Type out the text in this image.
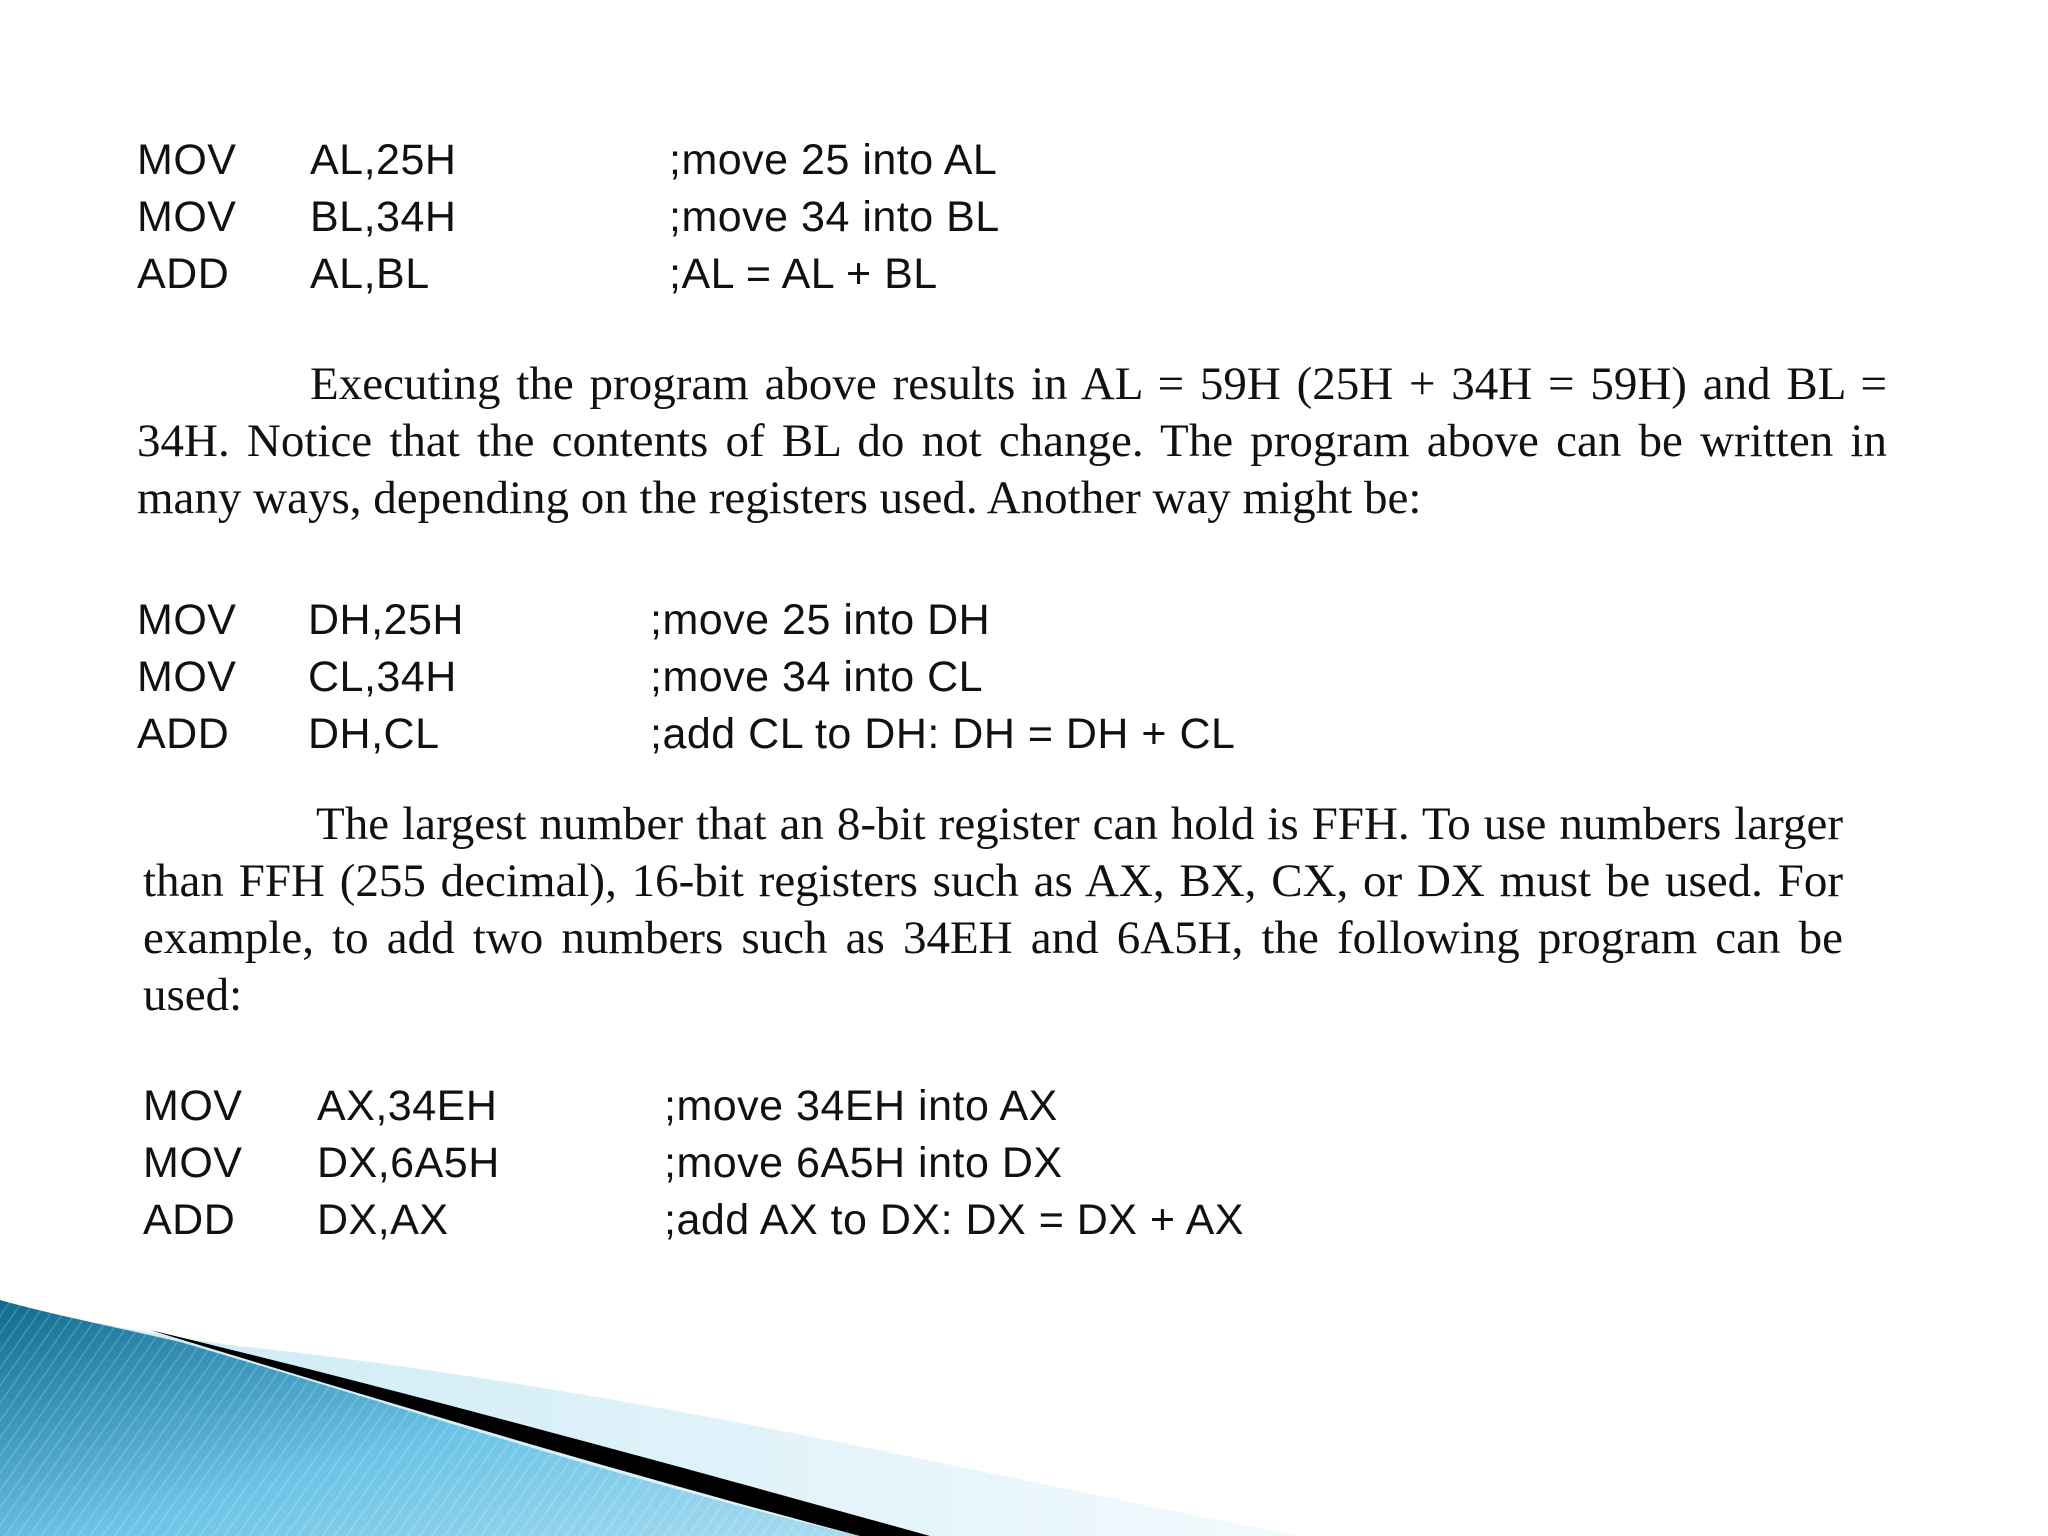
MOV AL,25H	;move 25 into AL
MOV BL,34H	;move 34 into BL
ADD AL,BL	;AL = AL + BL

Executing the program above results in AL = 59H (25H + 34H = 59H) and BL = 34H. Notice that the contents of BL do not change. The program above can be written in many ways, depending on the registers used. Another way might be:

MOV DH,25H	;move 25 into DH
MOV CL,34H	;move 34 into CL
ADD DH,CL	;add CL to DH: DH = DH + CL

The largest number that an 8-bit register can hold is FFH. To use numbers larger than FFH (255 decimal), 16-bit registers such as AX, BX, CX, or DX must be used. For example, to add two numbers such as 34EH and 6A5H, the following program can be used:

MOV AX,34EH	;move 34EH into AX
MOV DX,6A5H	;move 6A5H into DX
ADD DX,AX	;add AX to DX: DX = DX + AX
